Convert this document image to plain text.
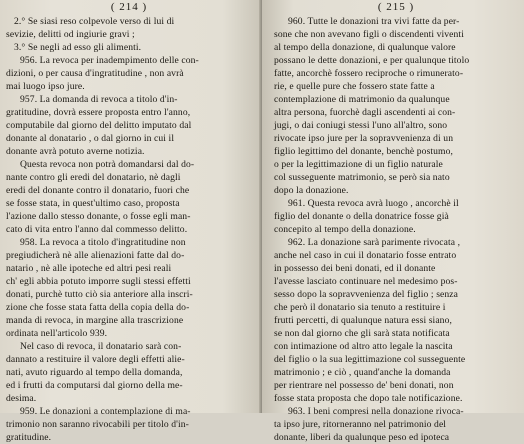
( 214 )
2.° Se siasi reso colpevole verso di lui di
sevizie, delitti od ingiurie gravi ;
3.° Se negli ad esso gli alimenti.
956. La revoca per inadempimento delle con-
dizioni, o per causa d'ingratitudine , non avrà
mai luogo ipso jure.
957. La domanda di revoca a titolo d'in-
gratitudine, dovrà essere proposta entro l'anno,
computabile dal giorno del delitto imputato dal
donante al donatario , o dal giorno in cui il
donante avrà potuto averne notizia.
Questa revoca non potrà domandarsi dal do-
nante contro gli eredi del donatario, nè dagli
eredi del donante contro il donatario, fuori che
se fosse stata, in quest'ultimo caso, proposta
l'azione dallo stesso donante, o fosse egli man-
cato di vita entro l'anno dal commesso delitto.
958. La revoca a titolo d'ingratitudine non
pregiudicherà nè alle alienazioni fatte dal do-
natario , nè alle ipoteche ed altri pesi reali
ch' egli abbia potuto imporre sugli stessi effetti
donati, purchè tutto ciò sia anteriore alla inscri-
zione che fosse stata fatta della copia della do-
manda di revoca, in margine alla trascrizione
ordinata nell'articolo 939.
Nel caso di revoca, il donatario sarà con-
dannato a restituire il valore degli effetti alie-
nati, avuto riguardo al tempo della domanda,
ed i frutti da computarsi dal giorno della me-
desima.
959. Le donazioni a contemplazione di ma-
trimonio non saranno rivocabili per titolo d'in-
gratitudine.
( 215 )
960. Tutte le donazioni tra vivi fatte da per-
sone che non avevano figli o discendenti viventi
al tempo della donazione, di qualunque valore
possano le dette donazioni, e per qualunque titolo
fatte, ancorchè fossero reciproche o rimunerato-
rie, e quelle pure che fossero state fatte a
contemplazione di matrimonio da qualunque
altra persona, fuorchè dagli ascendenti ai con-
jugi, o dai coniugi stessi l'uno all'altro, sono
rivocate ipso jure per la sopravvenienza di un
figlio legittimo del donante, benchè postumo,
o per la legittimazione di un figlio naturale
col susseguente matrimonio, se però sia nato
dopo la donazione.
961. Questa revoca avrà luogo , ancorchè il
figlio del donante o della donatrice fosse già
concepito al tempo della donazione.
962. La donazione sarà parimente rivocata ,
anche nel caso in cui il donatario fosse entrato
in possesso dei beni donati, ed il donante
l'avesse lasciato continuare nel medesimo pos-
sesso dopo la sopravvenienza del figlio ; senza
che però il donatario sia tenuto a restituire i
frutti percetti, di qualunque natura essi siano,
se non dal giorno che gli sarà stata notificata
con intimazione od altro atto legale la nascita
del figlio o la sua legittimazione col susseguente
matrimonio ; e ciò , quand'anche la domanda
per rientrare nel possesso de' beni donati, non
fosse stata proposta che dopo tale notificazione.
963. I beni compresi nella donazione rivoca-
ta ipso jure, ritorneranno nel patrimonio del
donante, liberi da qualunque peso ed ipoteca
